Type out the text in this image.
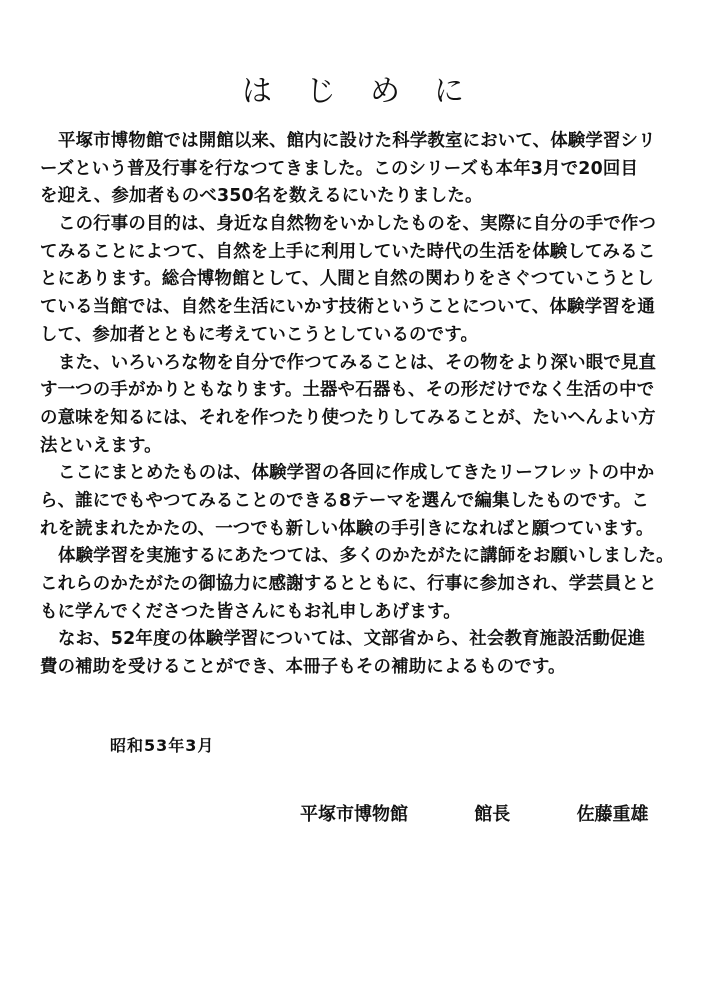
はじめに
平塚市博物館では開館以来、館内に設けた科学教室において、体験学習シリ
ーズという普及行事を行なつてきました。このシリーズも本年3月で20回目
を迎え、参加者ものべ350名を数えるにいたりました。
この行事の目的は、身近な自然物をいかしたものを、実際に自分の手で作つ
てみることによつて、自然を上手に利用していた時代の生活を体験してみるこ
とにあります。総合博物館として、人間と自然の関わりをさぐつていこうとし
ている当館では、自然を生活にいかす技術ということについて、体験学習を通
して、参加者とともに考えていこうとしているのです。
また、いろいろな物を自分で作つてみることは、その物をより深い眼で見直
す一つの手がかりともなります。土器や石器も、その形だけでなく生活の中で
の意味を知るには、それを作つたり使つたりしてみることが、たいへんよい方
法といえます。
ここにまとめたものは、体験学習の各回に作成してきたリーフレットの中か
ら、誰にでもやつてみることのできる8テーマを選んで編集したものです。こ
れを読まれたかたの、一つでも新しい体験の手引きになればと願つています。
体験学習を実施するにあたつては、多くのかたがたに講師をお願いしました。
これらのかたがたの御協力に感謝するとともに、行事に参加され、学芸員とと
もに学んでくださつた皆さんにもお礼申しあげます。
なお、52年度の体験学習については、文部省から、社会教育施設活動促進
費の補助を受けることができ、本冊子もその補助によるものです。
昭和53年3月
平塚市博物館	館長	佐藤重雄
